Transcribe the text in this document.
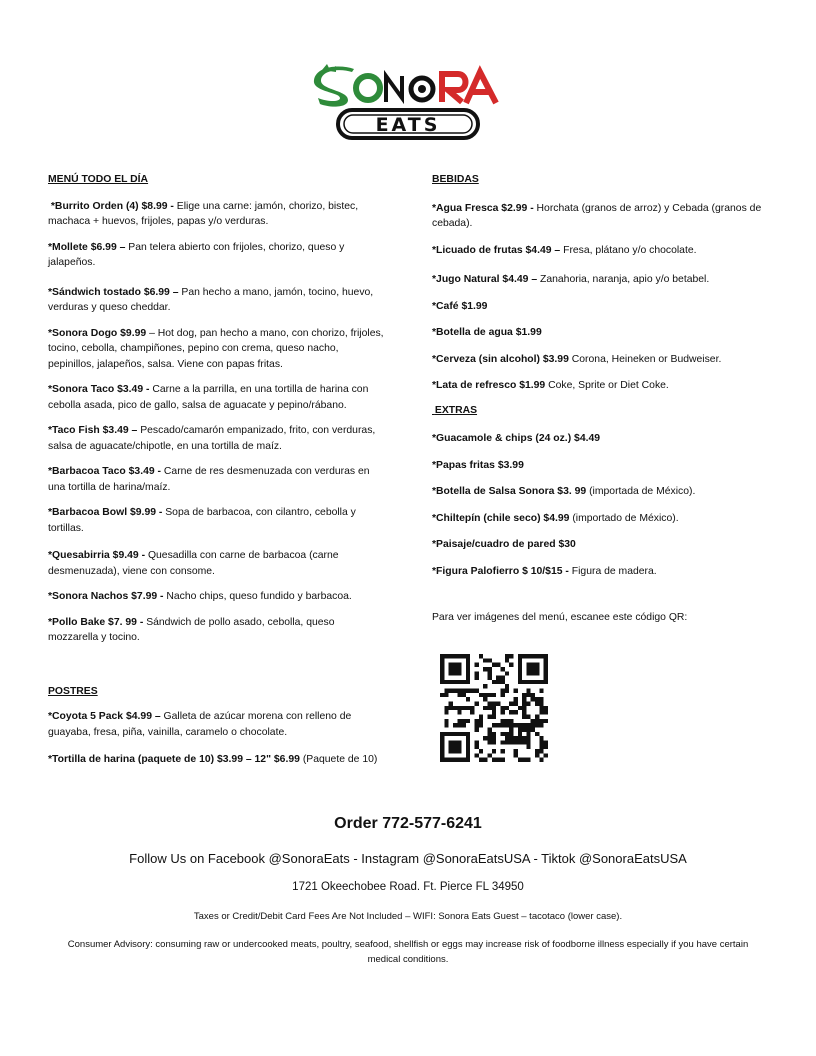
EATS

MENÚ TODO EL DÍA

*Burrito Orden (4) $8.99 - Elige una carne: jamón, chorizo, bistec, machaca + huevos, frijoles, papas y/o verduras.

*Mollete $6.99 – Pan telera abierto con frijoles, chorizo, queso y jalapeños.

*Sándwich tostado $6.99 – Pan hecho a mano, jamón, tocino, huevo, verduras y queso cheddar.

*Sonora Dogo $9.99 – Hot dog, pan hecho a mano, con chorizo, frijoles, tocino, cebolla, champiñones, pepino con crema, queso nacho, pepinillos, jalapeños, salsa. Viene con papas fritas.

*Sonora Taco $3.49 - Carne a la parrilla, en una tortilla de harina con cebolla asada, pico de gallo, salsa de aguacate y pepino/rábano.

*Taco Fish $3.49 – Pescado/camarón empanizado, frito, con verduras, salsa de aguacate/chipotle, en una tortilla de maíz.

*Barbacoa Taco $3.49 - Carne de res desmenuzada con verduras en una tortilla de harina/maíz.

*Barbacoa Bowl $9.99 - Sopa de barbacoa, con cilantro, cebolla y tortillas.

*Quesabirria $9.49 - Quesadilla con carne de barbacoa (carne desmenuzada), viene con consome.

*Sonora Nachos $7.99 - Nacho chips, queso fundido y barbacoa.

*Pollo Bake $7. 99 - Sándwich de pollo asado, cebolla, queso mozzarella y tocino.

POSTRES

*Coyota 5 Pack $4.99 – Galleta de azúcar morena con relleno de guayaba, fresa, piña, vainilla, caramelo o chocolate.

*Tortilla de harina (paquete de 10) $3.99 – 12" $6.99 (Paquete de 10)

BEBIDAS

*Agua Fresca $2.99 - Horchata (granos de arroz) y Cebada (granos de cebada).

*Licuado de frutas $4.49 – Fresa, plátano y/o chocolate.

*Jugo Natural $4.49 – Zanahoria, naranja, apio y/o betabel.

*Café $1.99

*Botella de agua $1.99

*Cerveza (sin alcohol) $3.99 Corona, Heineken or Budweiser.

*Lata de refresco $1.99 Coke, Sprite or Diet Coke.

EXTRAS

*Guacamole & chips (24 oz.) $4.49

*Papas fritas $3.99

*Botella de Salsa Sonora $3. 99 (importada de México).

*Chiltepín (chile seco) $4.99 (importado de México).

*Paisaje/cuadro de pared $30

*Figura Palofierro $ 10/$15 - Figura de madera.

Para ver imágenes del menú, escanee este código QR:

Order 772-577-6241
Follow Us on Facebook @SonoraEats - Instagram @SonoraEatsUSA - Tiktok @SonoraEatsUSA
1721 Okeechobee Road. Ft. Pierce FL 34950
Taxes or Credit/Debit Card Fees Are Not Included – WIFI: Sonora Eats Guest – tacotaco (lower case).
Consumer Advisory: consuming raw or undercooked meats, poultry, seafood, shellfish or eggs may increase risk of foodborne illness especially if you have certain medical conditions.
